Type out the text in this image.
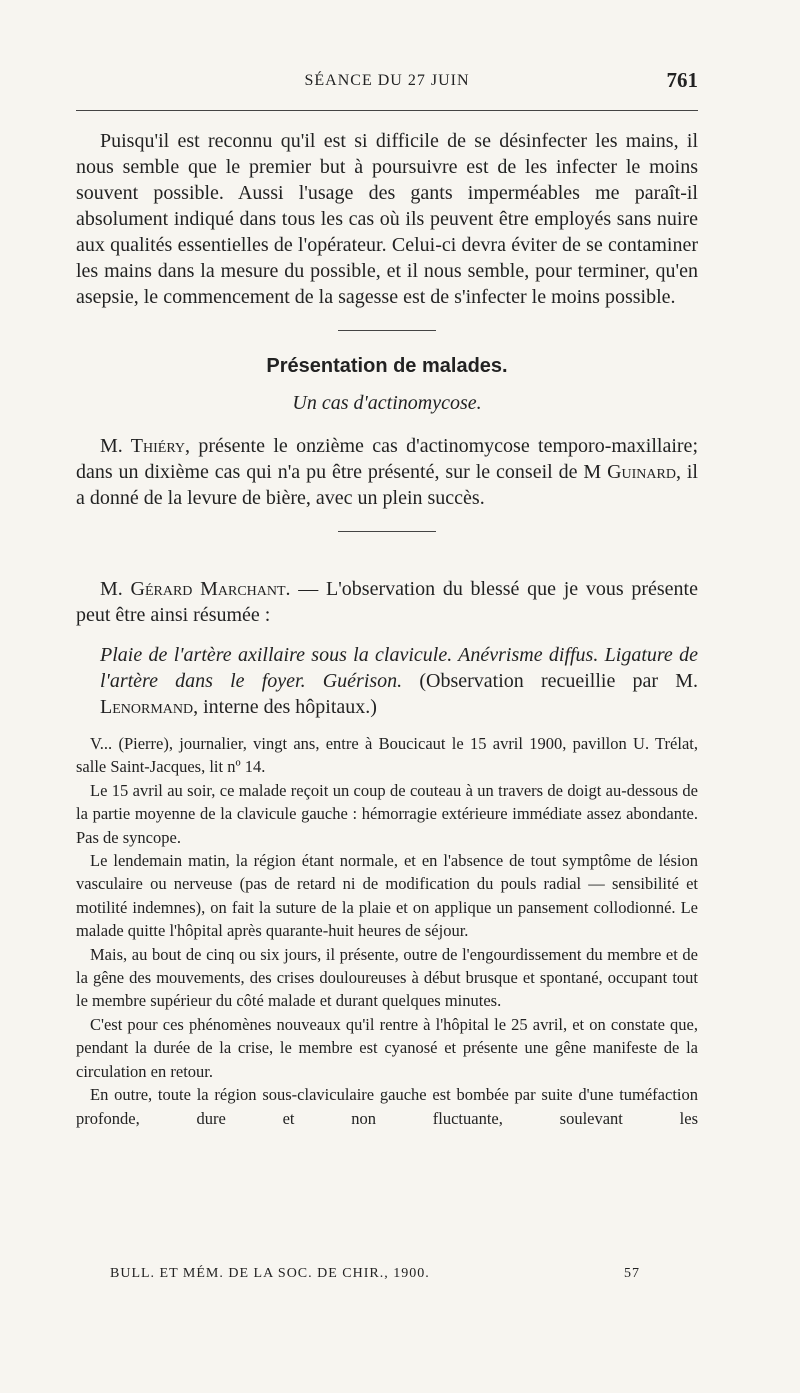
SÉANCE DU 27 JUIN	761

Puisqu'il est reconnu qu'il est si difficile de se désinfecter les mains, il nous semble que le premier but à poursuivre est de les infecter le moins souvent possible. Aussi l'usage des gants imperméables me paraît-il absolument indiqué dans tous les cas où ils peuvent être employés sans nuire aux qualités essentielles de l'opérateur. Celui-ci devra éviter de se contaminer les mains dans la mesure du possible, et il nous semble, pour terminer, qu'en asepsie, le commencement de la sagesse est de s'infecter le moins possible.

Présentation de malades.
Un cas d'actinomycose.

M. Thiéry, présente le onzième cas d'actinomycose temporo-maxillaire; dans un dixième cas qui n'a pu être présenté, sur le conseil de M Guinard, il a donné de la levure de bière, avec un plein succès.

M. Gérard Marchant. — L'observation du blessé que je vous présente peut être ainsi résumée :

Plaie de l'artère axillaire sous la clavicule. Anévrisme diffus. Ligature de l'artère dans le foyer. Guérison. (Observation recueillie par M. Lenormand, interne des hôpitaux.)

V... (Pierre), journalier, vingt ans, entre à Boucicaut le 15 avril 1900, pavillon U. Trélat, salle Saint-Jacques, lit nº 14.

Le 15 avril au soir, ce malade reçoit un coup de couteau à un travers de doigt au-dessous de la partie moyenne de la clavicule gauche : hémorragie extérieure immédiate assez abondante. Pas de syncope.

Le lendemain matin, la région étant normale, et en l'absence de tout symptôme de lésion vasculaire ou nerveuse (pas de retard ni de modification du pouls radial — sensibilité et motilité indemnes), on fait la suture de la plaie et on applique un pansement collodionné. Le malade quitte l'hôpital après quarante-huit heures de séjour.

Mais, au bout de cinq ou six jours, il présente, outre de l'engourdissement du membre et de la gêne des mouvements, des crises douloureuses à début brusque et spontané, occupant tout le membre supérieur du côté malade et durant quelques minutes.

C'est pour ces phénomènes nouveaux qu'il rentre à l'hôpital le 25 avril, et on constate que, pendant la durée de la crise, le membre est cyanosé et présente une gêne manifeste de la circulation en retour.

En outre, toute la région sous-claviculaire gauche est bombée par suite d'une tuméfaction profonde, dure et non fluctuante, soulevant les

BULL. ET MÉM. DE LA SOC. DE CHIR., 1900.	57
